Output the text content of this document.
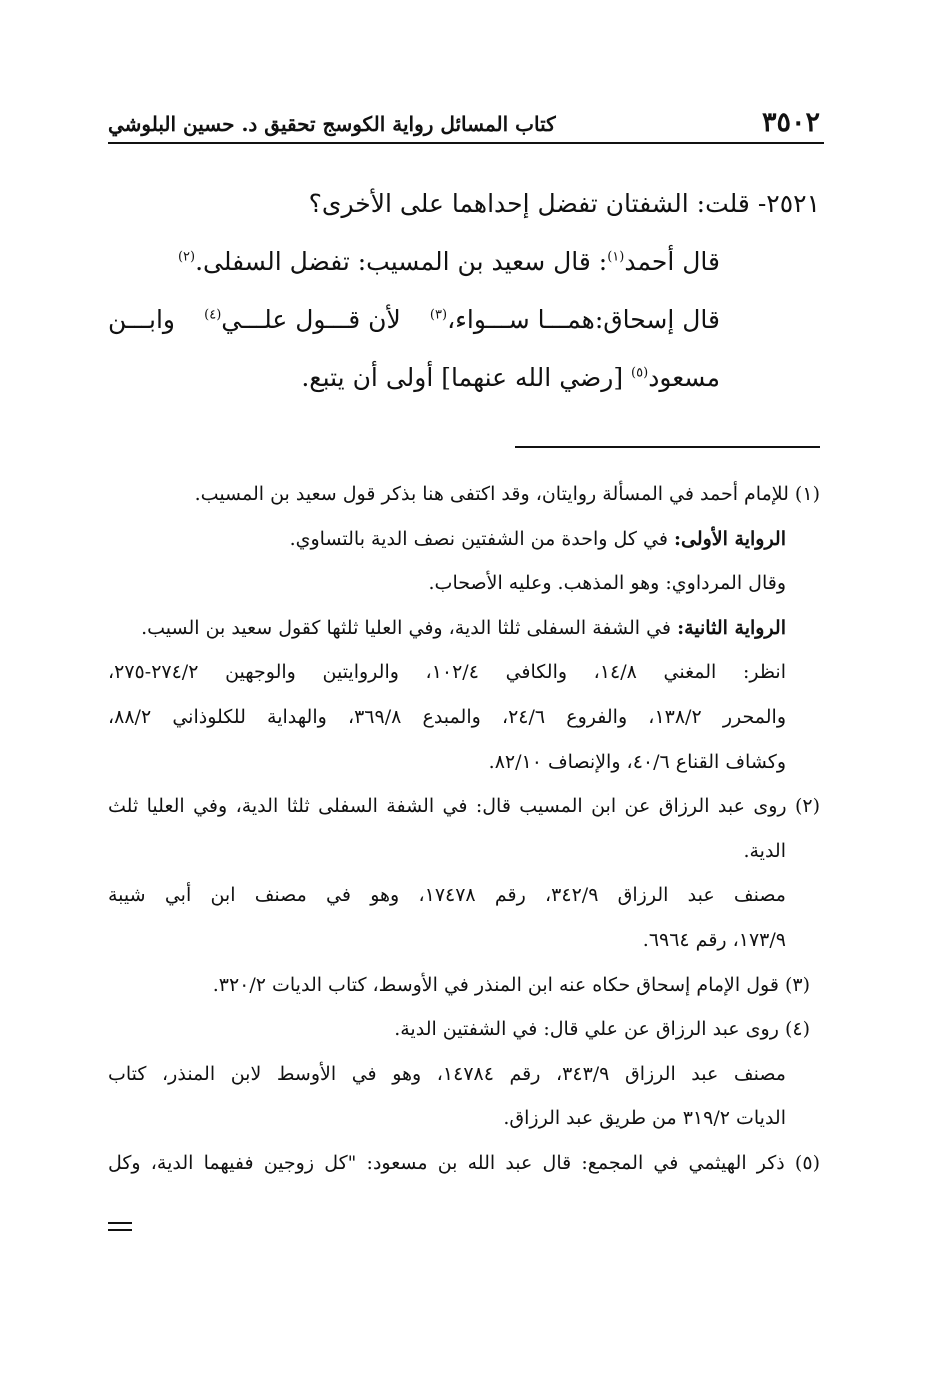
٣٥٠٢
كتاب المسائل رواية الكوسج تحقيق د. حسين البلوشي
٢٥٢١- قلت: الشفتان تفضل إحداهما على الأخرى؟
قال أحمد$^{(١)}$: قال سعيد بن المسيب: تفضل السفلى.$^{(٢)}$
قال إسحاق:همـــا ســـواء،$^{(٣)}$
لأن قـــول علـــي$^{(٤)}$
وابـــن
مسعود$^{(٥)}$ [رضي الله عنهما] أولى أن يتبع.
(١) للإمام أحمد في المسألة روايتان، وقد اكتفى هنا بذكر قول سعيد بن المسيب.
الرواية الأولى: في كل واحدة من الشفتين نصف الدية بالتساوي.
وقال المرداوي: وهو المذهب. وعليه الأصحاب.
الرواية الثانية: في الشفة السفلى ثلثا الدية، وفي العليا ثلثها كقول سعيد بن السيب.
انظر: المغني ١٤/٨، والكافي ١٠٢/٤، والروايتين والوجهين ٢٧٤/٢-٢٧٥،
والمحرر ١٣٨/٢، والفروع ٢٤/٦، والمبدع ٣٦٩/٨، والهداية للكلوذاني ٨٨/٢،
وكشاف القناع ٤٠/٦، والإنصاف ٨٢/١٠.
(٢) روى عبد الرزاق عن ابن المسيب قال: في الشفة السفلى ثلثا الدية، وفي العليا ثلث
الدية.
مصنف عبد الرزاق ٣٤٢/٩، رقم ١٧٤٧٨، وهو في مصنف ابن أبي شيبة
١٧٣/٩، رقم ٦٩٦٤.
(٣) قول الإمام إسحاق حكاه عنه ابن المنذر في الأوسط، كتاب الديات ٣٢٠/٢.
(٤) روى عبد الرزاق عن علي قال: في الشفتين الدية.
مصنف عبد الرزاق ٣٤٣/٩، رقم ١٤٧٨٤، وهو في الأوسط لابن المنذر، كتاب
الديات ٣١٩/٢ من طريق عبد الرزاق.
(٥) ذكر الهيثمي في المجمع: قال عبد الله بن مسعود: "كل زوجين ففيهما الدية، وكل
